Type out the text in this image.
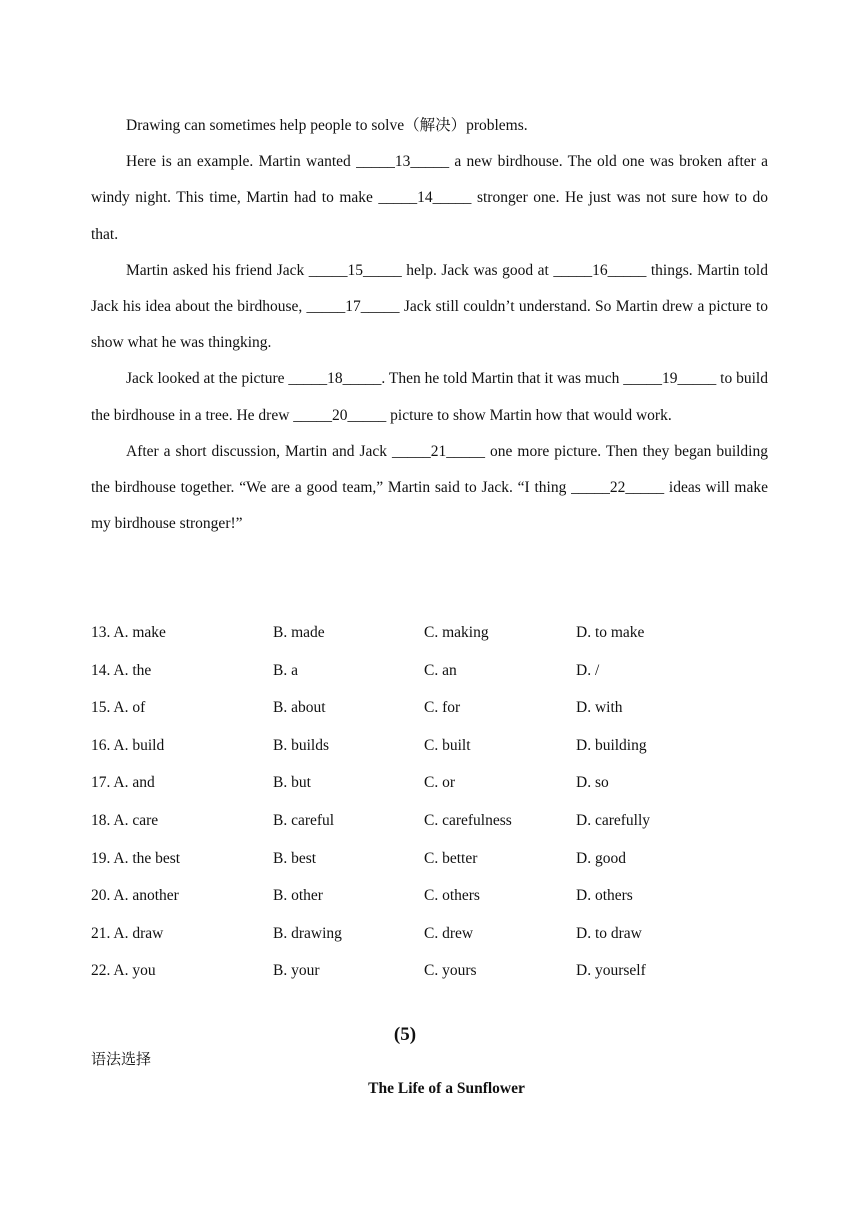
Drawing can sometimes help people to solve（解决）problems.

Here is an example. Martin wanted _____13_____ a new birdhouse. The old one was broken after a windy night. This time, Martin had to make _____14_____ stronger one. He just was not sure how to do that.

Martin asked his friend Jack _____15_____ help. Jack was good at _____16_____ things. Martin told Jack his idea about the birdhouse, _____17_____ Jack still couldn’t understand. So Martin drew a picture to show what he was thingking.

Jack looked at the picture _____18_____. Then he told Martin that it was much _____19_____ to build the birdhouse in a tree. He drew _____20_____ picture to show Martin how that would work.

After a short discussion, Martin and Jack _____21_____ one more picture. Then they began building the birdhouse together. “We are a good team,” Martin said to Jack. “I thing _____22_____ ideas will make my birdhouse stronger!”

13. A. make	B. made	C. making	D. to make
14. A. the	B. a	C. an	D. /
15. A. of	B. about	C. for	D. with
16. A. build	B. builds	C. built	D. building
17. A. and	B. but	C. or	D. so
18. A. care	B. careful	C. carefulness	D. carefully
19. A. the best	B. best	C. better	D. good
20. A. another	B. other	C. others	D. others
21. A. draw	B. drawing	C. drew	D. to draw
22. A. you	B. your	C. yours	D. yourself
(5)
语法选择
The Life of a Sunflower
